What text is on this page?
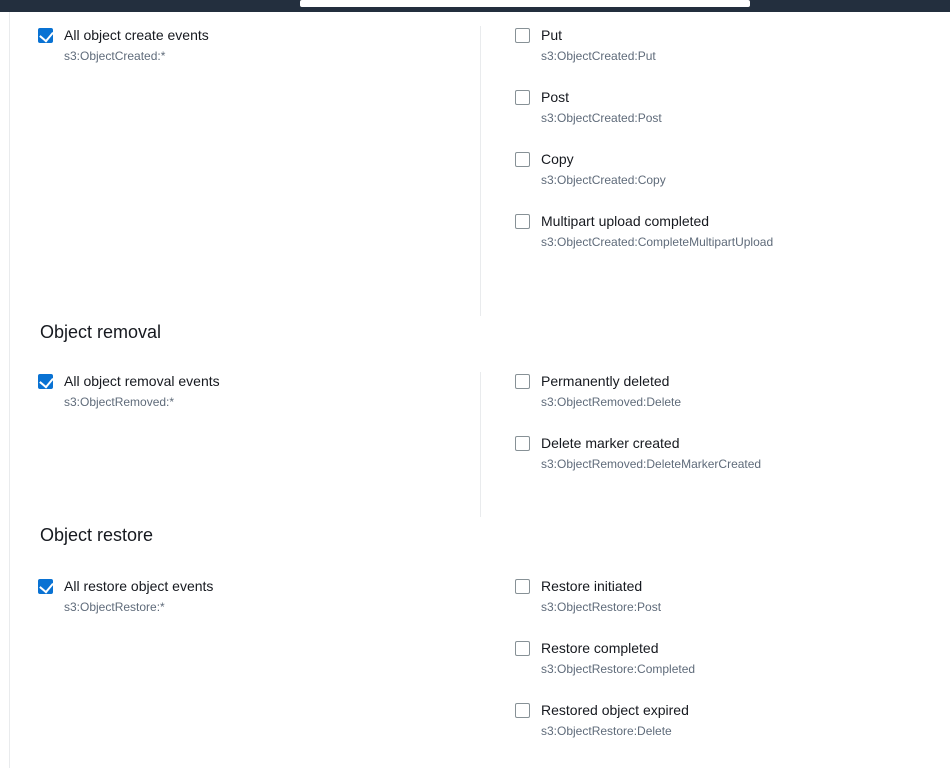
All object create events
s3:ObjectCreated:*
Put
s3:ObjectCreated:Put
Post
s3:ObjectCreated:Post
Copy
s3:ObjectCreated:Copy
Multipart upload completed
s3:ObjectCreated:CompleteMultipartUpload
Object removal
All object removal events
s3:ObjectRemoved:*
Permanently deleted
s3:ObjectRemoved:Delete
Delete marker created
s3:ObjectRemoved:DeleteMarkerCreated
Object restore
All restore object events
s3:ObjectRestore:*
Restore initiated
s3:ObjectRestore:Post
Restore completed
s3:ObjectRestore:Completed
Restored object expired
s3:ObjectRestore:Delete
